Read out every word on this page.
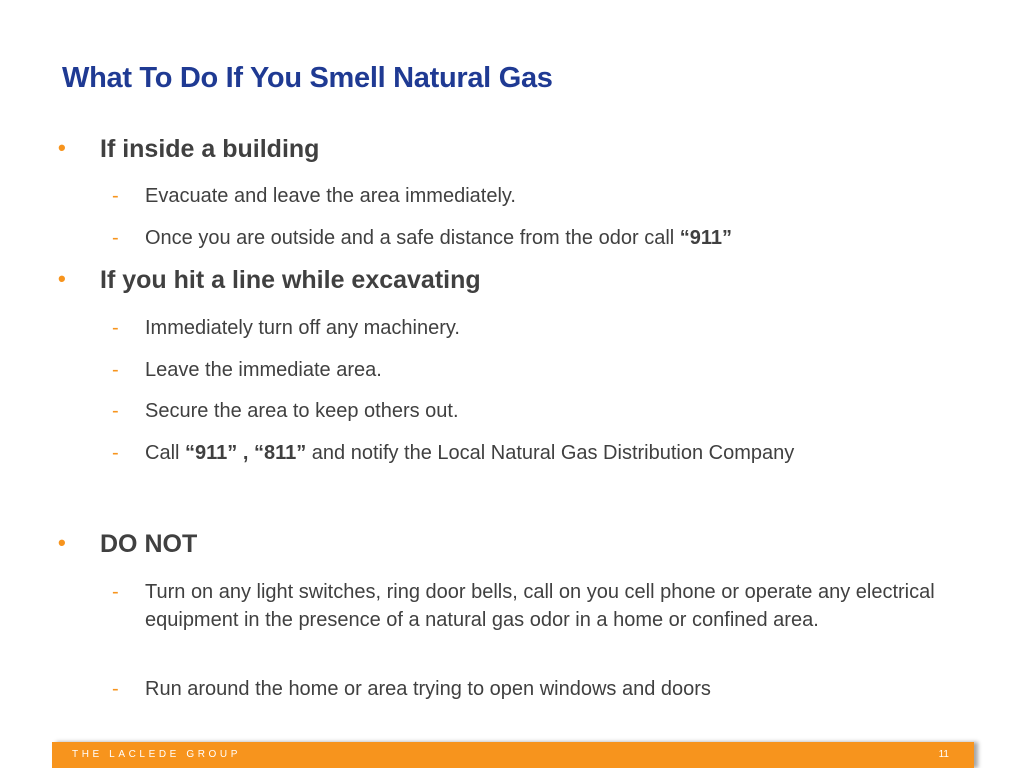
What To Do If You Smell Natural Gas
• If inside a building
- Evacuate and leave the area immediately.
- Once you are outside and a safe distance from the odor call “911”
• If you hit a line while excavating
- Immediately turn off any machinery.
- Leave the immediate area.
- Secure the area to keep others out.
- Call “911” , “811” and notify the Local Natural Gas Distribution Company
• DO NOT
- Turn on any light switches, ring door bells, call on you cell phone or operate any electrical equipment in the presence of a natural gas odor in a home or confined area.
- Run around the home or area trying to open windows and doors
THE LACLEDE GROUP	11
